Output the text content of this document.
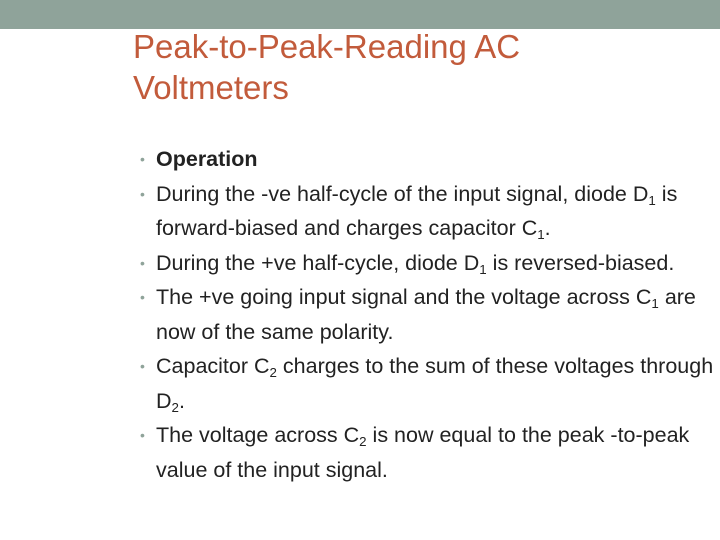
Peak-to-Peak-Reading AC
Voltmeters
• Operation
• During the -ve half-cycle of the input signal, diode $D_1$ is forward-biased and charges capacitor $C_1$.
• During the +ve half-cycle, diode $D_1$ is reversed-biased.
• The +ve going input signal and the voltage across $C_1$ are now of the same polarity.
• Capacitor $C_2$ charges to the sum of these voltages through $D_2$.
• The voltage across $C_2$ is now equal to the peak -to-peak value of the input signal.
